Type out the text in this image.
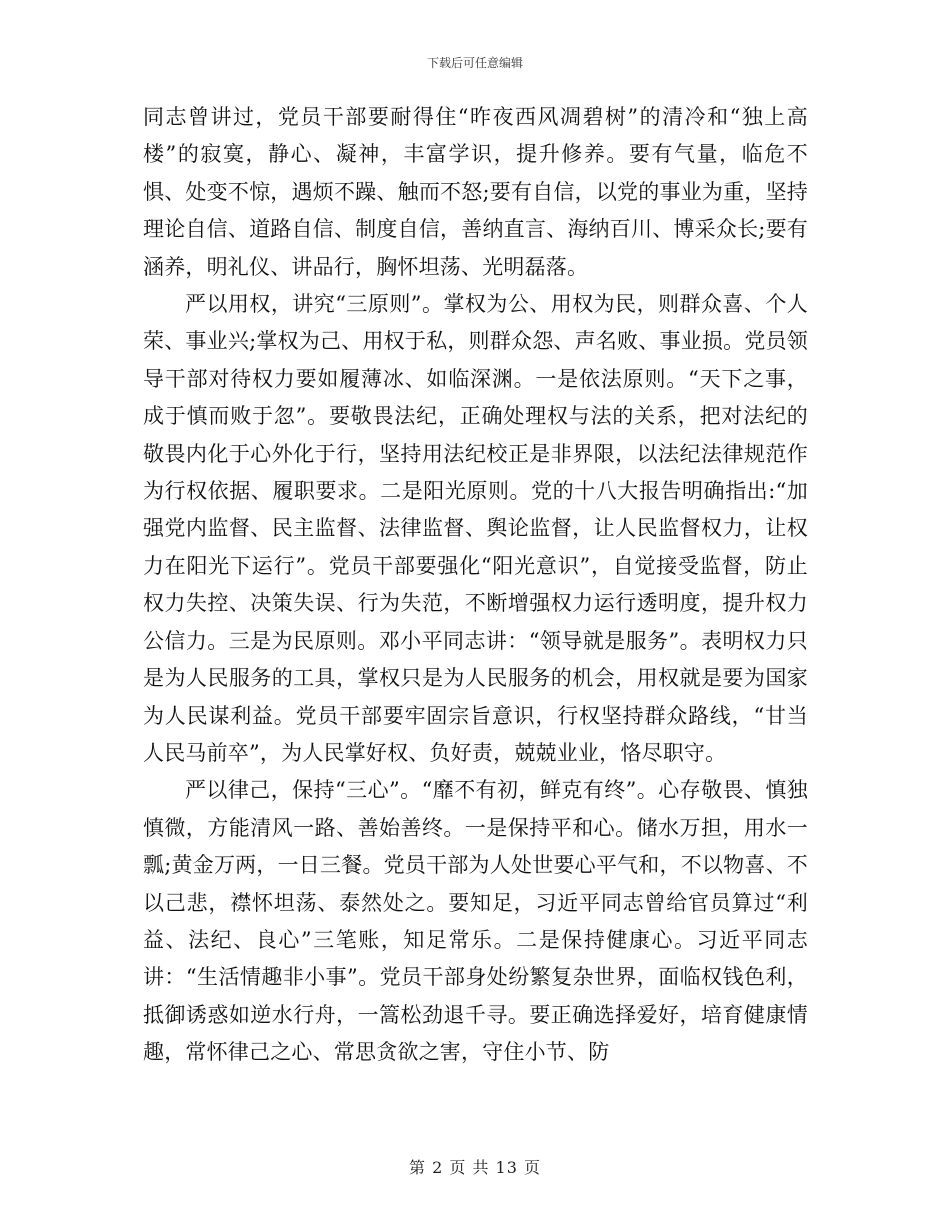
下载后可任意编辑

同志曾讲过，党员干部要耐得住“昨夜西风凋碧树”的清冷和“独上高楼”的寂寞，静心、凝神，丰富学识，提升修养。要有气量，临危不惧、处变不惊，遇烦不躁、触而不怒;要有自信，以党的事业为重，坚持理论自信、道路自信、制度自信，善纳直言、海纳百川、博采众长;要有涵养，明礼仪、讲品行，胸怀坦荡、光明磊落。

严以用权，讲究“三原则”。掌权为公、用权为民，则群众喜、个人荣、事业兴;掌权为己、用权于私，则群众怨、声名败、事业损。党员领导干部对待权力要如履薄冰、如临深渊。一是依法原则。“天下之事，成于慎而败于忽”。要敬畏法纪，正确处理权与法的关系，把对法纪的敬畏内化于心外化于行，坚持用法纪校正是非界限，以法纪法律规范作为行权依据、履职要求。二是阳光原则。党的十八大报告明确指出:“加强党内监督、民主监督、法律监督、舆论监督，让人民监督权力，让权力在阳光下运行”。党员干部要强化“阳光意识”，自觉接受监督，防止权力失控、决策失误、行为失范，不断增强权力运行透明度，提升权力公信力。三是为民原则。邓小平同志讲：“领导就是服务”。表明权力只是为人民服务的工具，掌权只是为人民服务的机会，用权就是要为国家为人民谋利益。党员干部要牢固宗旨意识，行权坚持群众路线，“甘当人民马前卒”，为人民掌好权、负好责，兢兢业业，恪尽职守。

严以律己，保持“三心”。“靡不有初，鲜克有终”。心存敬畏、慎独慎微，方能清风一路、善始善终。一是保持平和心。储水万担，用水一瓢;黄金万两，一日三餐。党员干部为人处世要心平气和，不以物喜、不以己悲，襟怀坦荡、泰然处之。要知足，习近平同志曾给官员算过“利益、法纪、良心”三笔账，知足常乐。二是保持健康心。习近平同志讲：“生活情趣非小事”。党员干部身处纷繁复杂世界，面临权钱色利，抵御诱惑如逆水行舟，一篙松劲退千寻。要正确选择爱好，培育健康情趣，常怀律己之心、常思贪欲之害，守住小节、防

第 2 页 共 13 页
